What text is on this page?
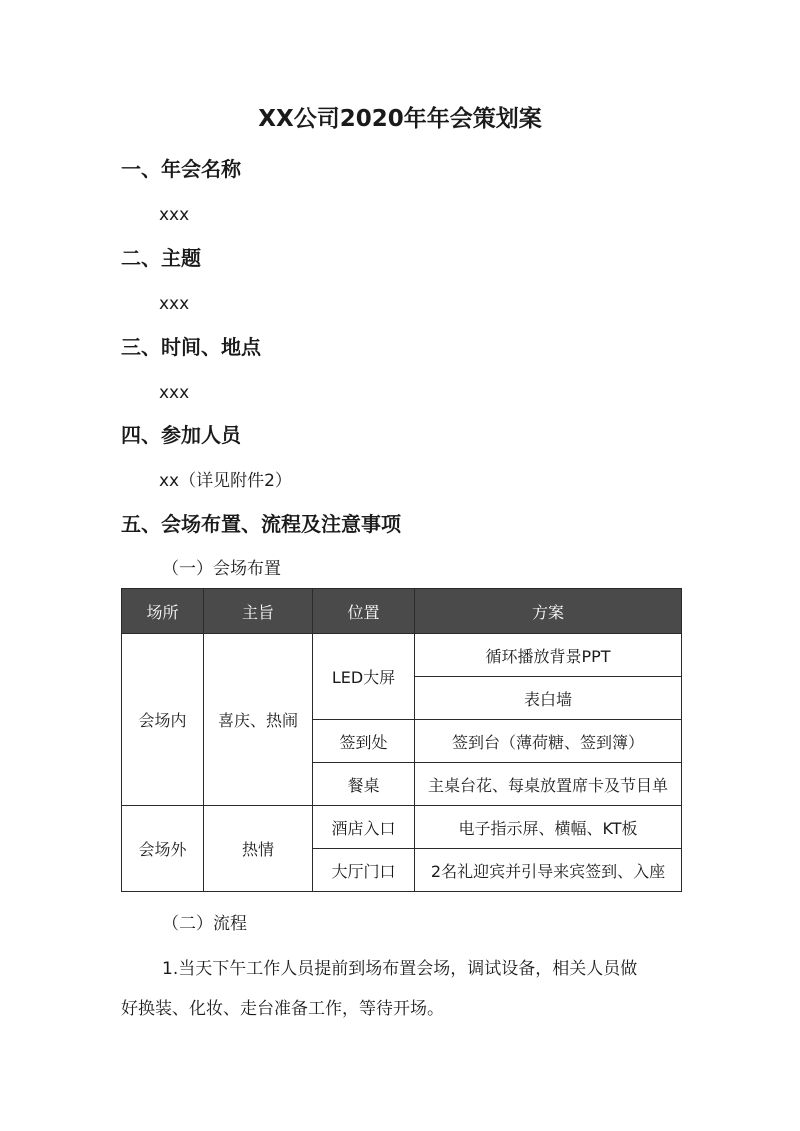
XX公司2020年年会策划案
一、年会名称
xxx
二、主题
xxx
三、时间、地点
xxx
四、参加人员
xx（详见附件2）
五、会场布置、流程及注意事项
（一）会场布置
场所	主旨	位置	方案
会场内	喜庆、热闹	LED大屏	循环播放背景PPT
			表白墙
		签到处	签到台（薄荷糖、签到簿）
		餐桌	主桌台花、每桌放置席卡及节目单
会场外	热情	酒店入口	电子指示屏、横幅、KT板
		大厅门口	2名礼迎宾并引导来宾签到、入座
（二）流程
1.当天下午工作人员提前到场布置会场，调试设备，相关人员做
好换装、化妆、走台准备工作，等待开场。
